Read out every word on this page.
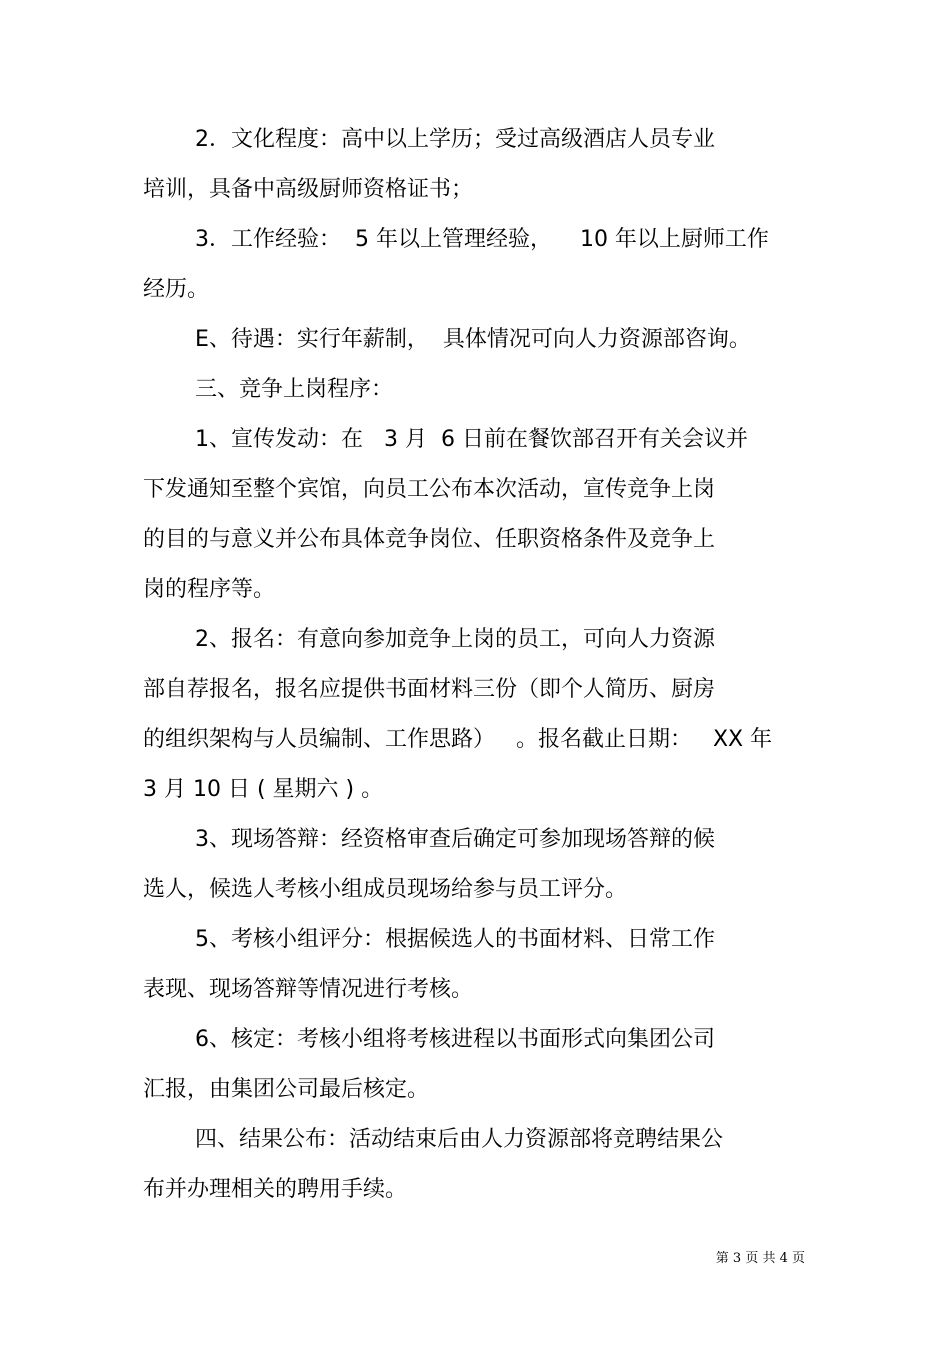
2．文化程度：高中以上学历；受过高级酒店人员专业
培训，具备中高级厨师资格证书；
3．工作经验：  5 年以上管理经验，    10 年以上厨师工作
经历。
E、待遇：实行年薪制，  具体情况可向人力资源部咨询。
三、竞争上岗程序：
1、宣传发动：在   3 月  6 日前在餐饮部召开有关会议并
下发通知至整个宾馆，向员工公布本次活动，宣传竞争上岗
的目的与意义并公布具体竞争岗位、任职资格条件及竞争上
岗的程序等。
2、报名：有意向参加竞争上岗的员工，可向人力资源
部自荐报名，报名应提供书面材料三份（即个人简历、厨房
的组织架构与人员编制、工作思路）   。报名截止日期：   XX 年
3 月 10 日 ( 星期六 ) 。
3、现场答辩：经资格审查后确定可参加现场答辩的候
选人，候选人考核小组成员现场给参与员工评分。
5、考核小组评分：根据候选人的书面材料、日常工作
表现、现场答辩等情况进行考核。
6、核定：考核小组将考核进程以书面形式向集团公司
汇报，由集团公司最后核定。
四、结果公布：活动结束后由人力资源部将竞聘结果公
布并办理相关的聘用手续。
第 3 页 共 4 页
